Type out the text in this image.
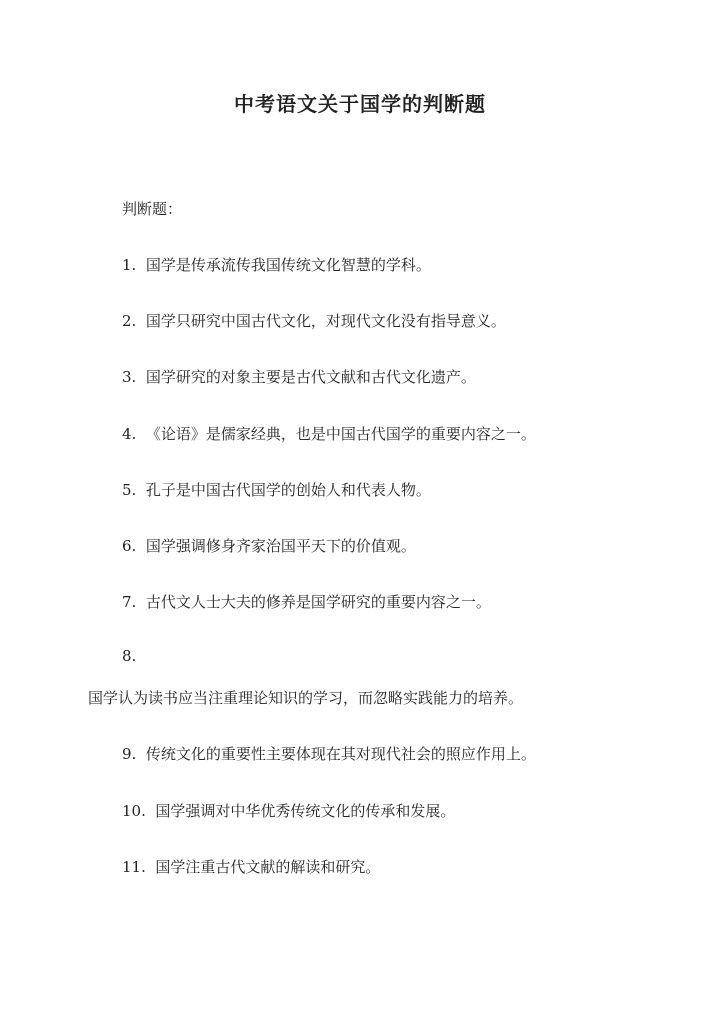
中考语文关于国学的判断题
判断题：
1. 国学是传承流传我国传统文化智慧的学科。
2. 国学只研究中国古代文化，对现代文化没有指导意义。
3. 国学研究的对象主要是古代文献和古代文化遗产。
4. 《论语》是儒家经典，也是中国古代国学的重要内容之一。
5. 孔子是中国古代国学的创始人和代表人物。
6. 国学强调修身齐家治国平天下的价值观。
7. 古代文人士大夫的修养是国学研究的重要内容之一。
8.
国学认为读书应当注重理论知识的学习，而忽略实践能力的培养。
9. 传统文化的重要性主要体现在其对现代社会的照应作用上。
10. 国学强调对中华优秀传统文化的传承和发展。
11. 国学注重古代文献的解读和研究。
